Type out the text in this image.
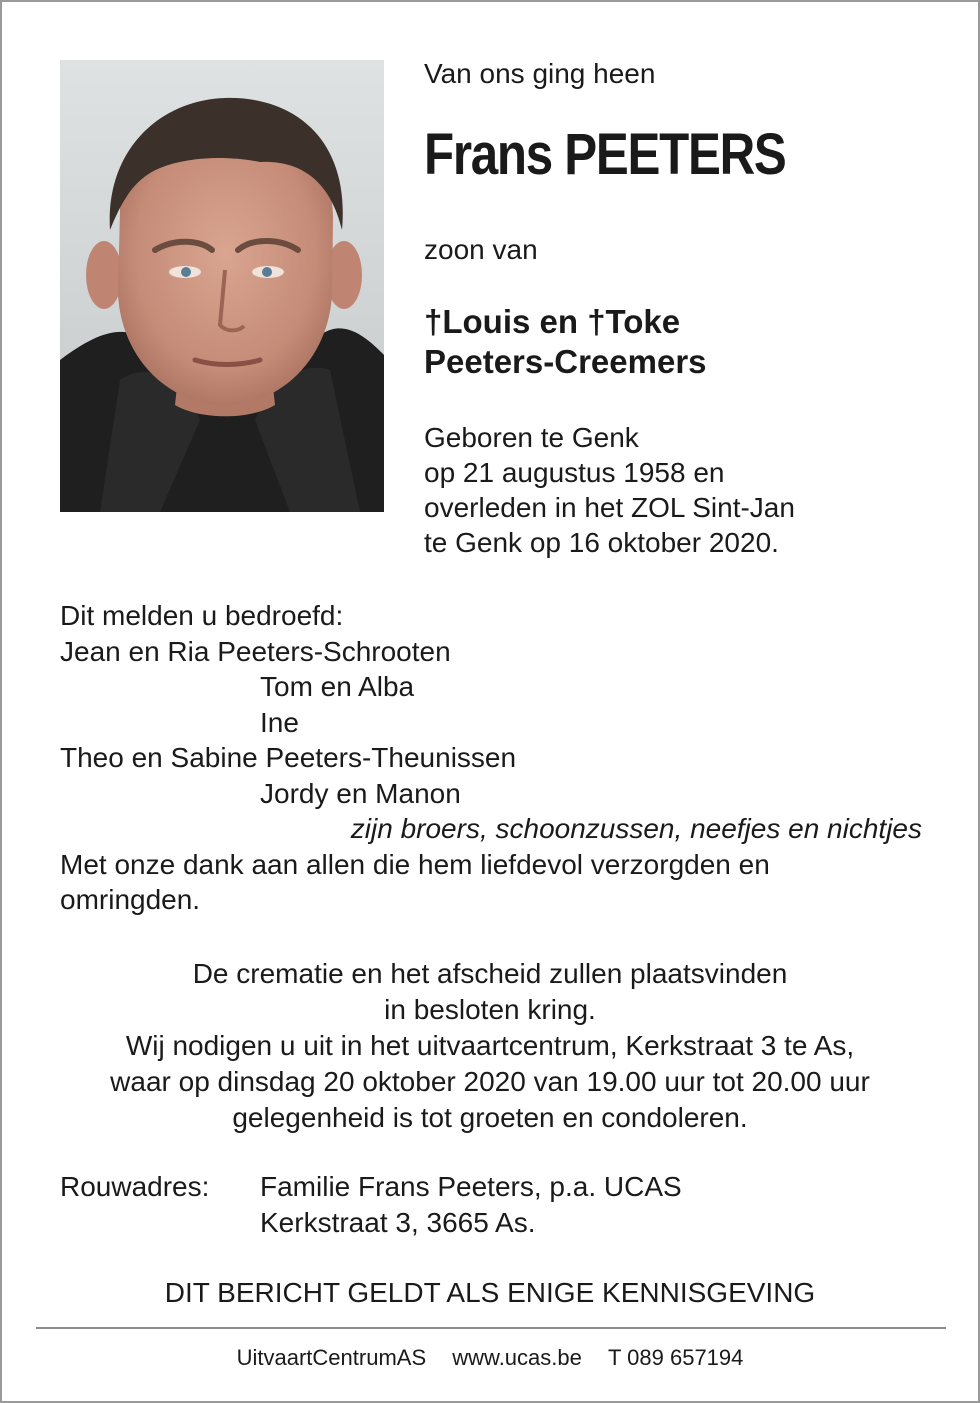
Van ons ging heen
Frans PEETERS
zoon van
†Louis en †Toke
Peeters-Creemers
Geboren te Genk
op 21 augustus 1958 en
overleden in het ZOL Sint-Jan
te Genk op 16 oktober 2020.
Dit melden u bedroefd:
Jean en Ria Peeters-Schrooten
Tom en Alba
Ine
Theo en Sabine Peeters-Theunissen
Jordy en Manon
zijn broers, schoonzussen, neefjes en nichtjes
Met onze dank aan allen die hem liefdevol verzorgden en
omringden.
De crematie en het afscheid zullen plaatsvinden
in besloten kring.
Wij nodigen u uit in het uitvaartcentrum, Kerkstraat 3 te As,
waar op dinsdag 20 oktober 2020 van 19.00 uur tot 20.00 uur
gelegenheid is tot groeten en condoleren.
Rouwadres: Familie Frans Peeters, p.a. UCAS
Kerkstraat 3, 3665 As.
DIT BERICHT GELDT ALS ENIGE KENNISGEVING
UitvaartCentrumAS www.ucas.be T 089 657194
